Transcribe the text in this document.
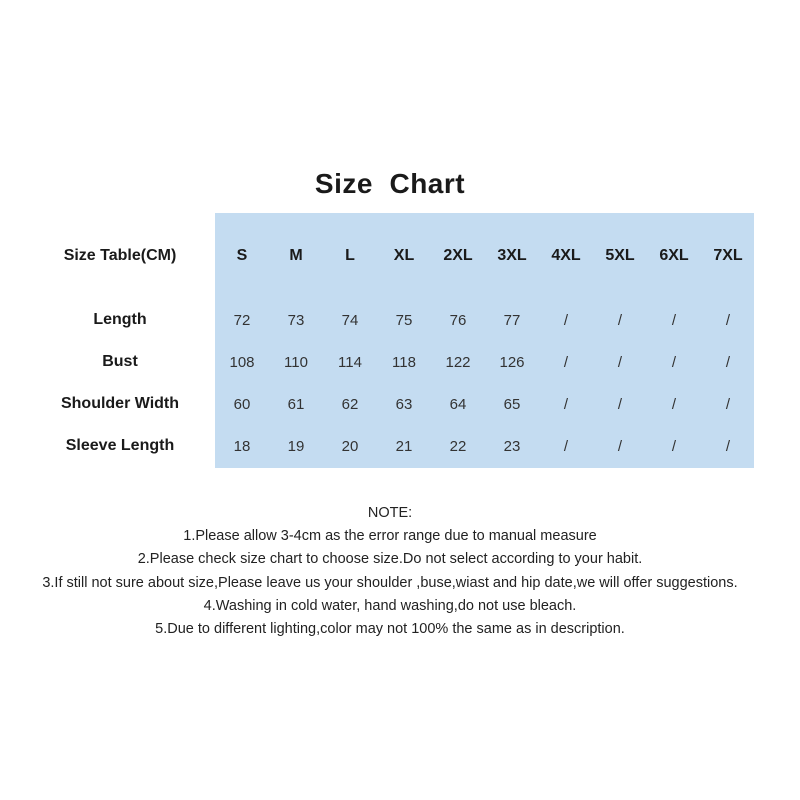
Size  Chart
Size Table(CM)	S	M	L	XL	2XL	3XL	4XL	5XL	6XL	7XL
Length	72	73	74	75	76	77	/	/	/	/
Bust	108	110	114	118	122	126	/	/	/	/
Shoulder Width	60	61	62	63	64	65	/	/	/	/
Sleeve Length	18	19	20	21	22	23	/	/	/	/
NOTE:
1.Please allow 3-4cm as the error range due to manual measure
2.Please check size chart to choose size.Do not select according to your habit.
3.If still not sure about size,Please leave us your shoulder ,buse,wiast and hip date,we will offer suggestions.
4.Washing in cold water, hand washing,do not use bleach.
5.Due to different lighting,color may not 100% the same as in description.
